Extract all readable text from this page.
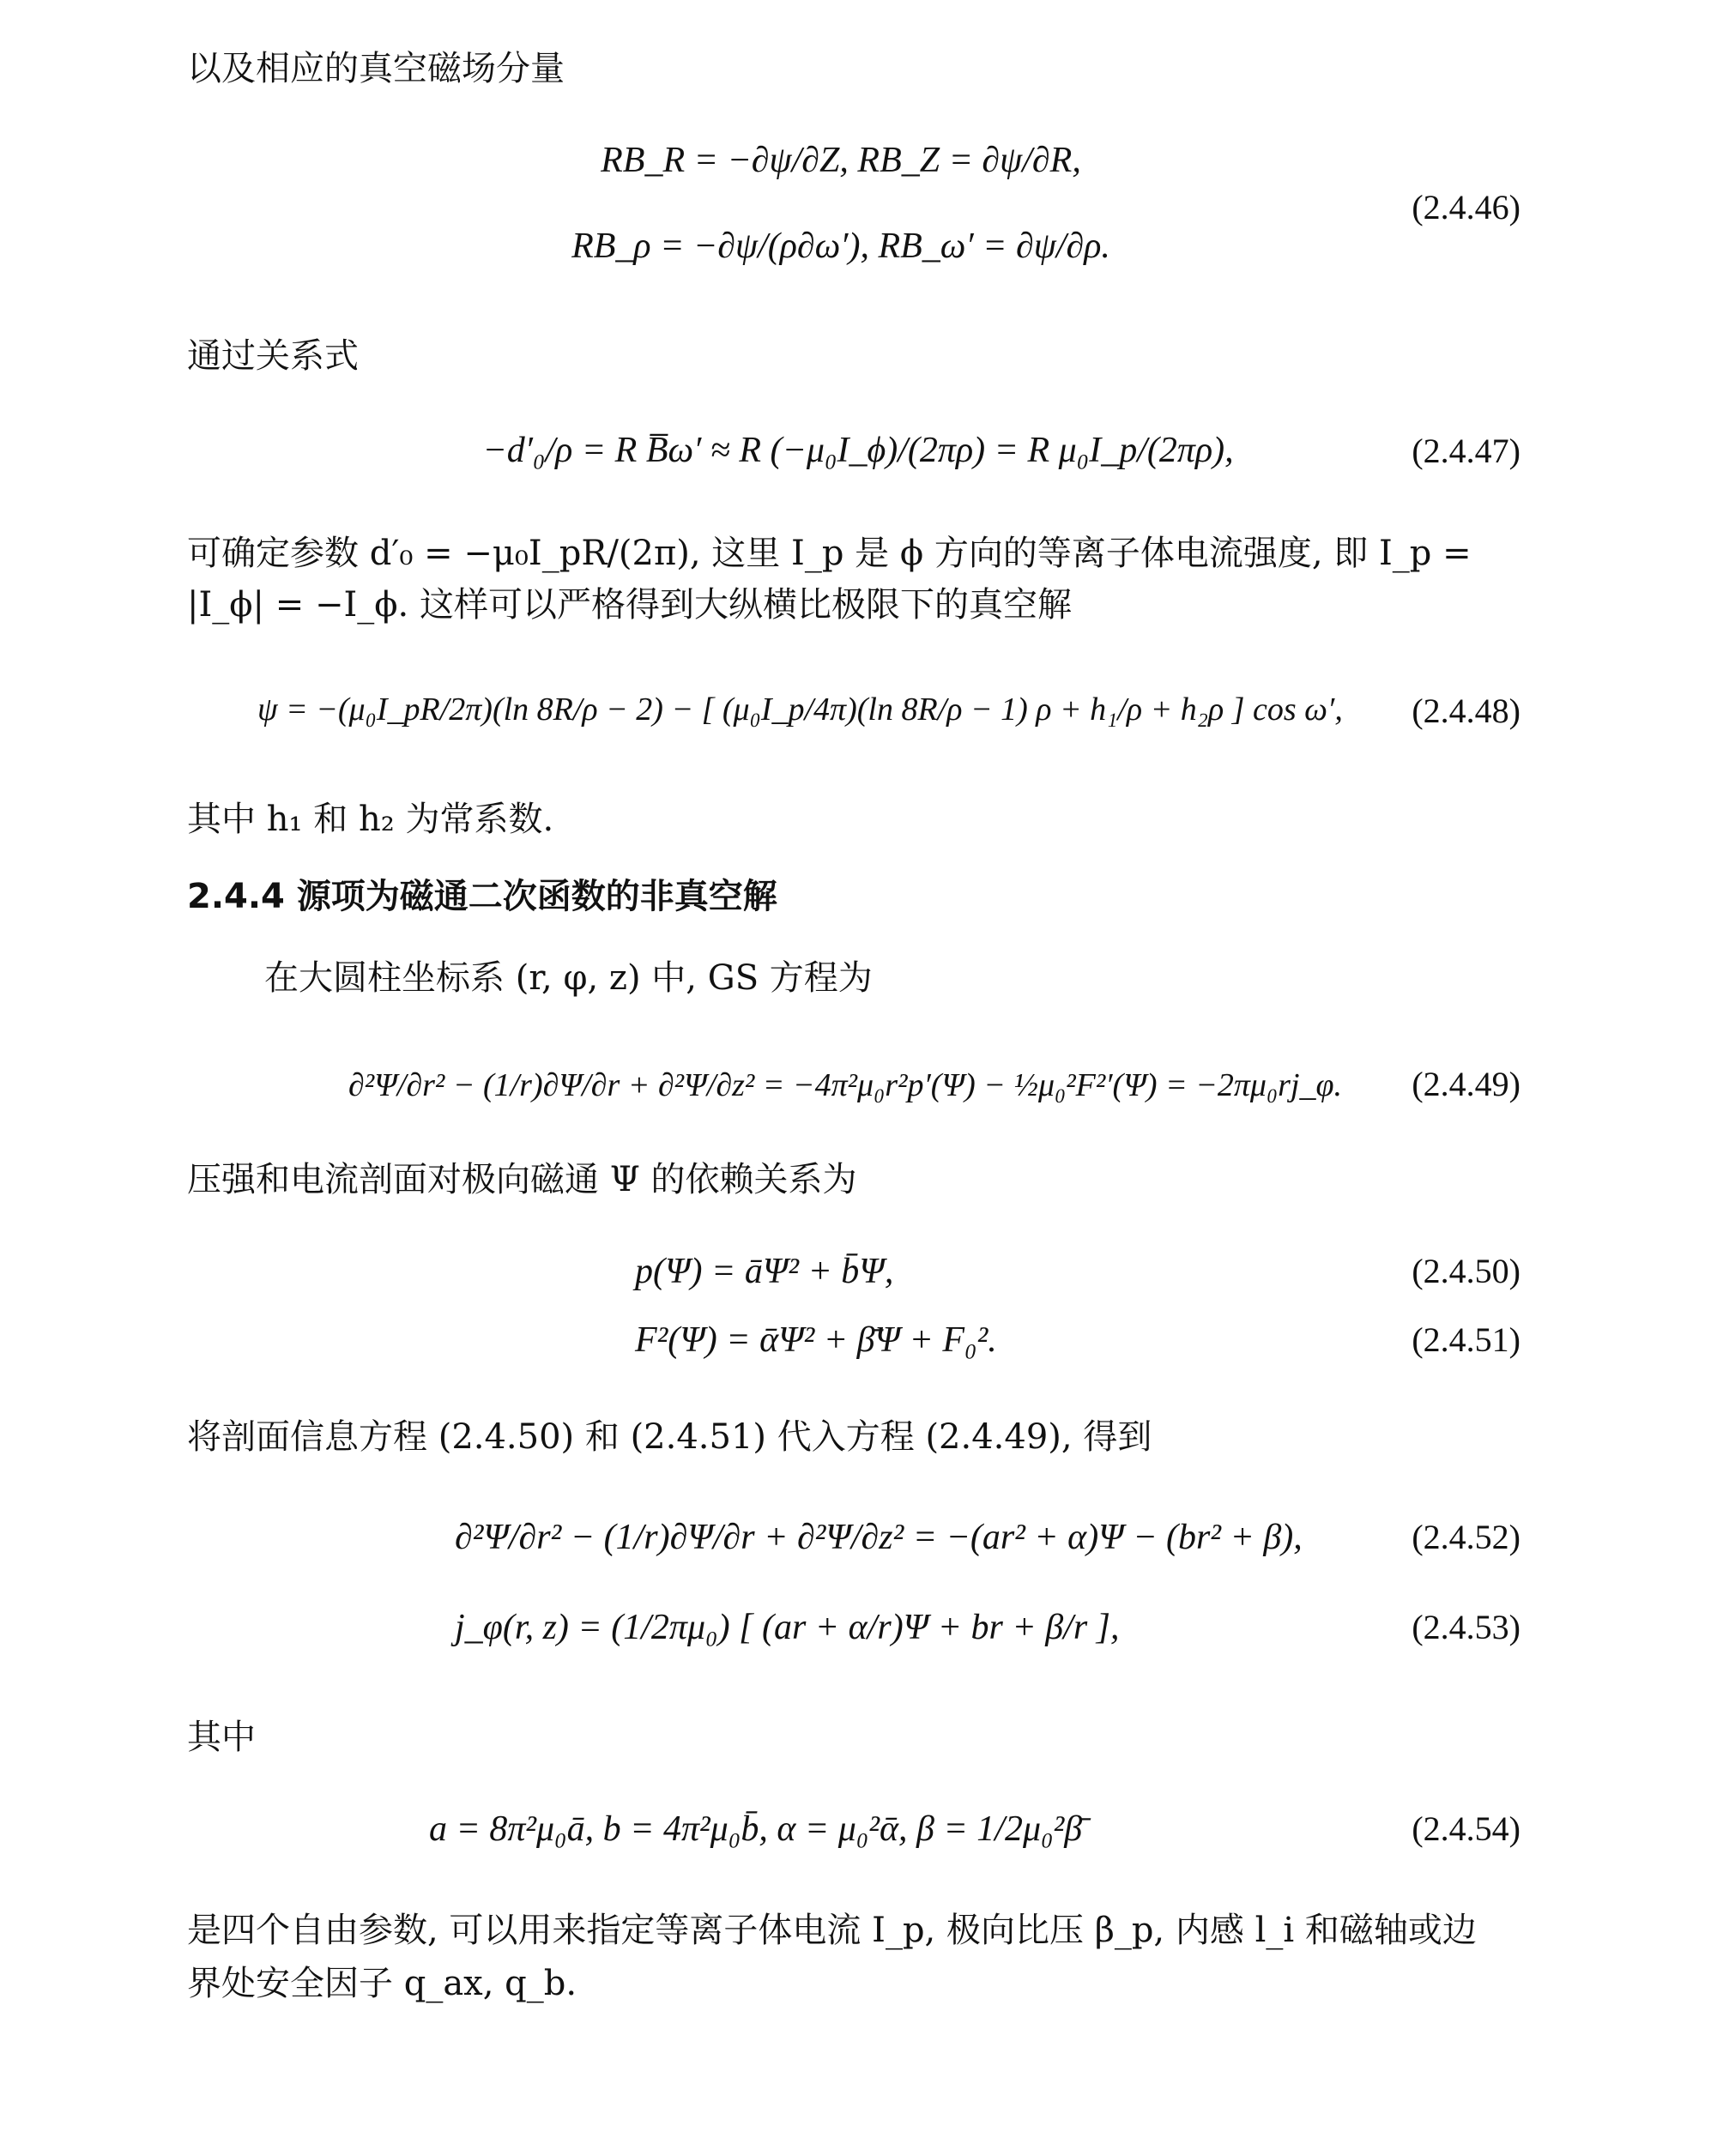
以及相应的真空磁场分量
RB_R = −∂ψ/∂Z, RB_Z = ∂ψ/∂R,
RB_ρ = −∂ψ/(ρ∂ω′), RB_ω′ = ∂ψ/∂ρ.
(2.4.46)
通过关系式
−d′₀/ρ = R B̅ω′ ≈ R (−μ₀I_ϕ)/(2πρ) = R μ₀I_p/(2πρ),	(2.4.47)
可确定参数 d′₀ = −μ₀I_pR/(2π), 这里 I_p 是 ϕ 方向的等离子体电流强度, 即 I_p =
|I_ϕ| = −I_ϕ. 这样可以严格得到大纵横比极限下的真空解
ψ = −(μ₀I_pR/2π)(ln 8R/ρ − 2) − [ (μ₀I_p/4π)(ln 8R/ρ − 1) ρ + h₁/ρ + h₂ρ ] cos ω′,	(2.4.48)
其中 h₁ 和 h₂ 为常系数.
2.4.4 源项为磁通二次函数的非真空解
在大圆柱坐标系 (r, φ, z) 中, GS 方程为
∂²Ψ/∂r² − (1/r)∂Ψ/∂r + ∂²Ψ/∂z² = −4π²μ₀r²p′(Ψ) − ½μ₀²F²′(Ψ) = −2πμ₀rj_φ.	(2.4.49)
压强和电流剖面对极向磁通 Ψ 的依赖关系为
p(Ψ) = āΨ² + b̄Ψ,	(2.4.50)
F²(Ψ) = ᾱΨ² + β̄Ψ + F₀².	(2.4.51)
将剖面信息方程 (2.4.50) 和 (2.4.51) 代入方程 (2.4.49), 得到
∂²Ψ/∂r² − (1/r)∂Ψ/∂r + ∂²Ψ/∂z² = −(ar² + α)Ψ − (br² + β),	(2.4.52)
j_φ(r, z) = (1/2πμ₀) [ (ar + α/r)Ψ + br + β/r ],	(2.4.53)
其中
a = 8π²μ₀ā, b = 4π²μ₀b̄, α = μ₀²ᾱ, β = 1/2μ₀²β̄	(2.4.54)
是四个自由参数, 可以用来指定等离子体电流 I_p, 极向比压 β_p, 内感 l_i 和磁轴或边
界处安全因子 q_ax, q_b.
